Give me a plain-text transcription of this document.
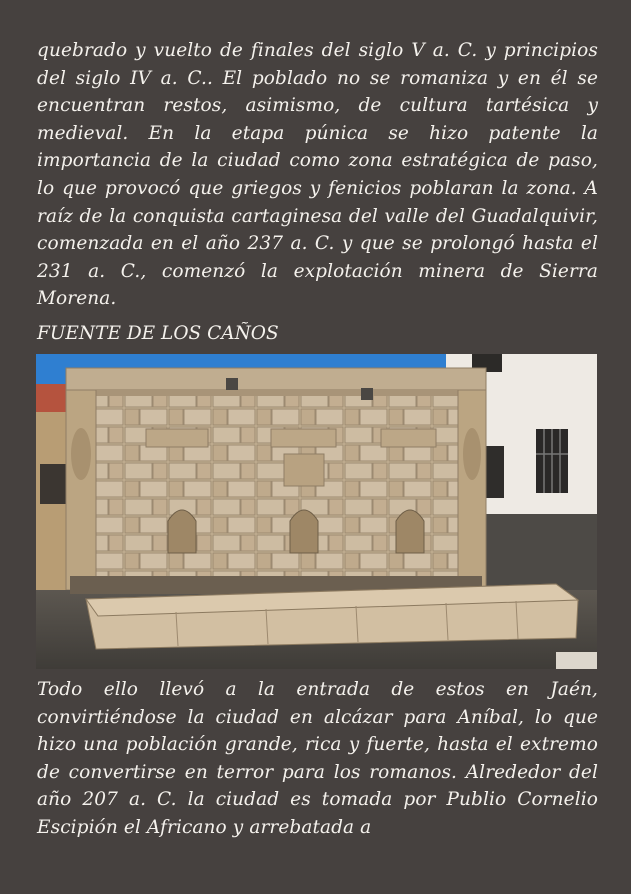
quebrado y vuelto de finales del siglo V a. C. y principios del siglo IV a. C.. El poblado no se romaniza y en él se encuentran restos, asimismo, de cultura tartésica y medieval. En la etapa púnica se hizo patente la importancia de la ciudad como zona estratégica de paso, lo que provocó que griegos y fenicios poblaran la zona. A raíz de la conquista cartaginesa del valle del Guadalquivir, comenzada en el año 237 a. C. y que se prolongó hasta el 231 a. C., comenzó la explotación minera de Sierra Morena.

FUENTE DE LOS CAÑOS

Todo ello llevó a la entrada de estos en Jaén, convirtiéndose la ciudad en alcázar para Aníbal, lo que hizo una población grande, rica y fuerte, hasta el extremo de convertirse en terror para los romanos. Alrededor del año 207 a. C. la ciudad es tomada por Publio Cornelio Escipión el Africano y arrebatada a
